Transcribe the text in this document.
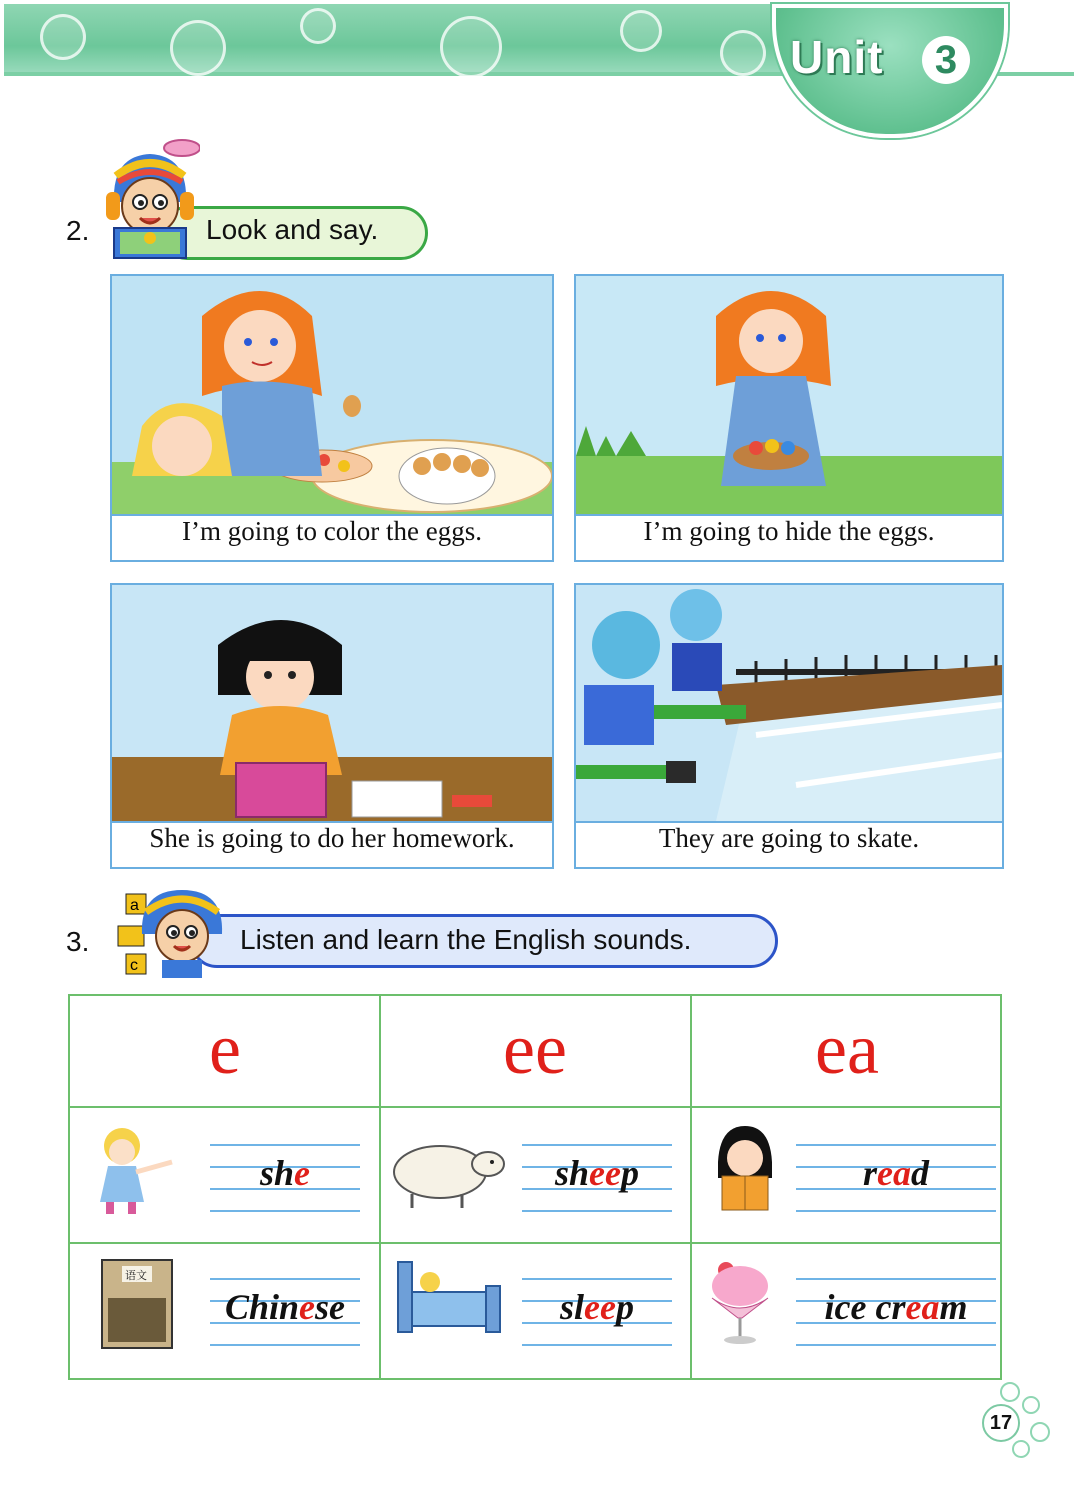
Unit	3
2.	Look and say.
I’m going to color the eggs.	I’m going to hide the eggs.
She is going to do her homework.	They are going to skate.
3.	Listen and learn the English sounds.
a
c
e	ee	ea
she	sheep	read
语文
Chinese	sleep	ice cream
17
